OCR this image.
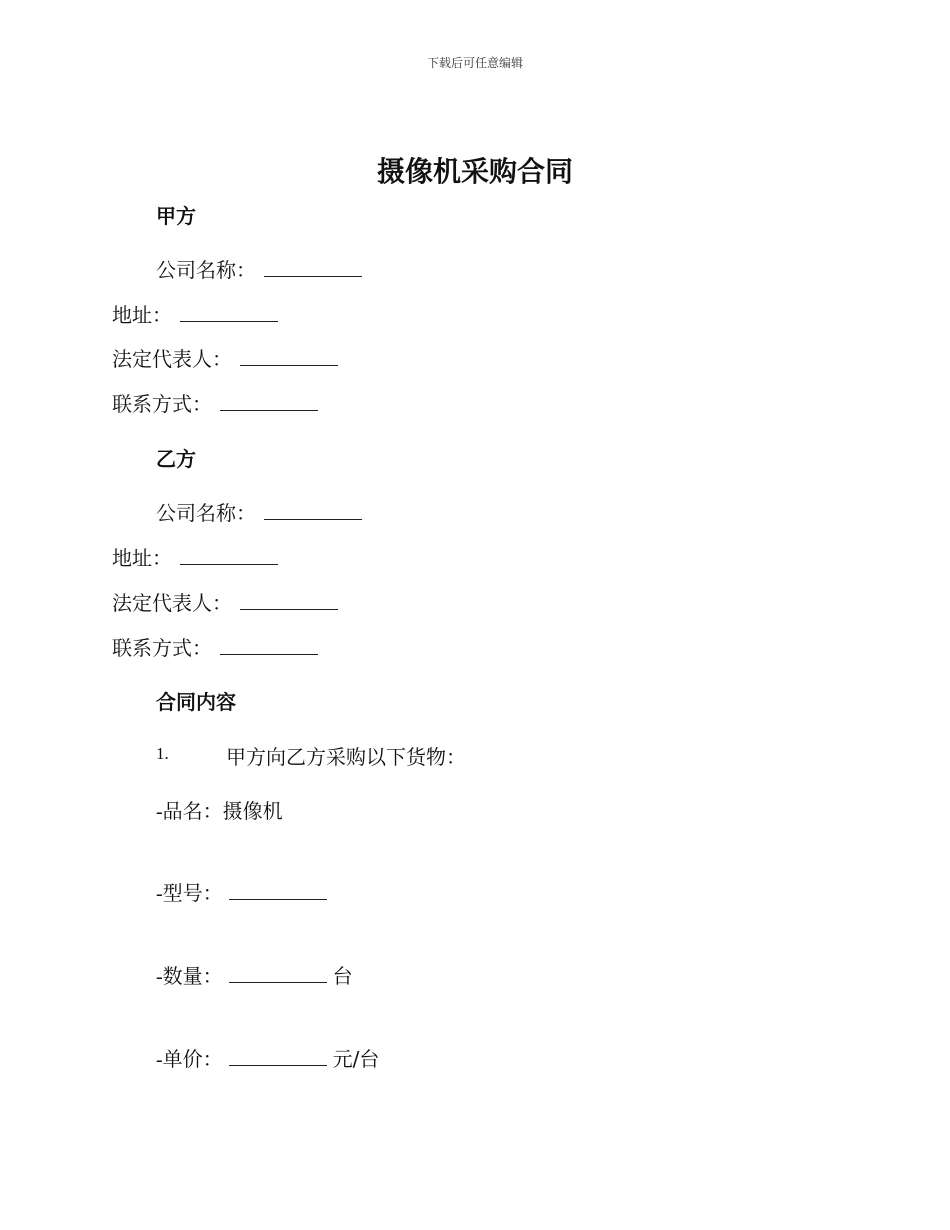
下载后可任意编辑
摄像机采购合同
甲方
公司名称：
地址：
法定代表人：
联系方式：
乙方
公司名称：
地址：
法定代表人：
联系方式：
合同内容
1.	甲方向乙方采购以下货物：
-品名：摄像机
-型号：
-数量：	台
-单价：	元/台
